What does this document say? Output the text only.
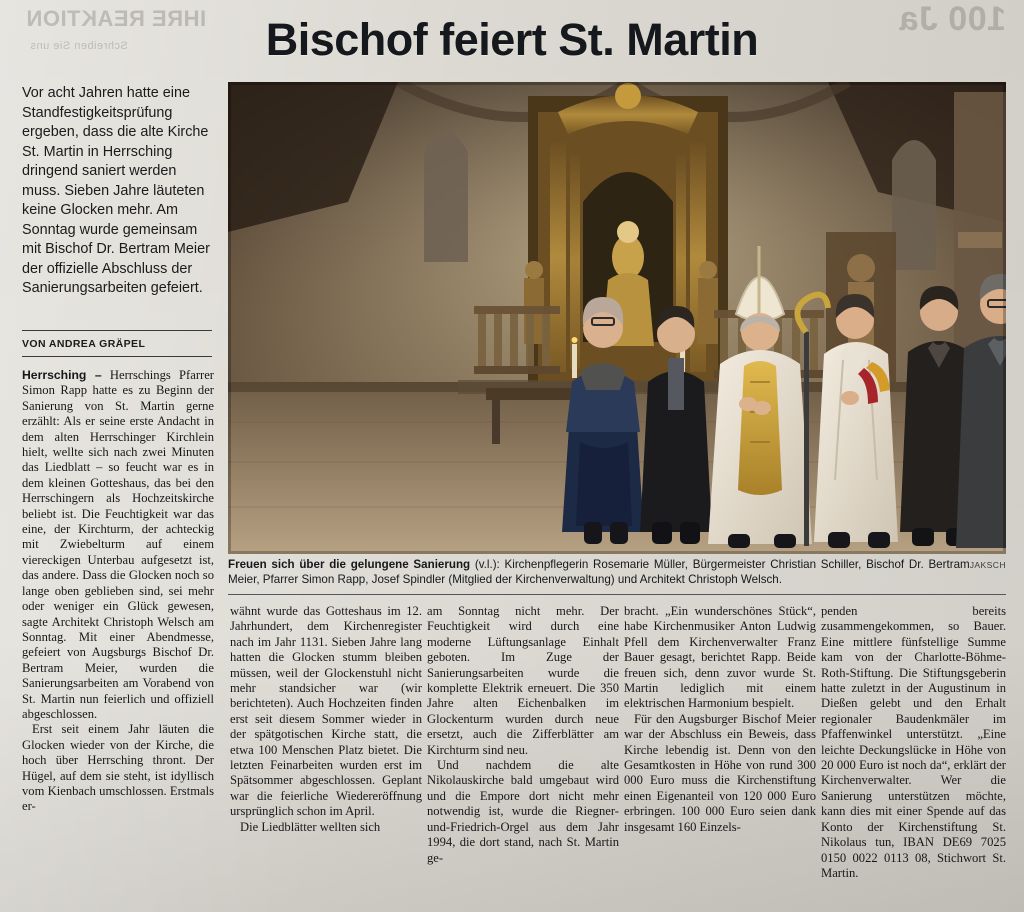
IHRE REAKTION
Schreiben Sie uns
100 Ja
Bischof feiert St. Martin
Vor acht Jahren hatte eine Standfestigkeitsprüfung ergeben, dass die alte Kirche St. Martin in Herrsching dringend saniert werden muss. Sieben Jahre läuteten keine Glocken mehr. Am Sonntag wurde gemeinsam mit Bischof Dr. Bertram Meier der offizielle Abschluss der Sanierungsarbeiten gefeiert.
VON ANDREA GRÄPEL
JAKSCH
Freuen sich über die gelungene Sanierung (v.l.): Kirchenpflegerin Rosemarie Müller, Bürgermeister Christian Schiller, Bischof Dr. Bertram Meier, Pfarrer Simon Rapp, Josef Spindler (Mitglied der Kirchenverwaltung) und Architekt Christoph Welsch.

Herrsching – Herrschings Pfarrer Simon Rapp hatte es zu Beginn der Sanierung von St. Martin gerne erzählt: Als er seine erste Andacht in dem alten Herrschinger Kirchlein hielt, wellte sich nach zwei Minuten das Liedblatt – so feucht war es in dem kleinen Gotteshaus, das bei den Herrschingern als Hochzeitskirche beliebt ist. Die Feuchtigkeit war das eine, der Kirchturm, der achteckig mit Zwiebelturm auf einem viereckigen Unterbau aufgesetzt ist, das andere. Dass die Glocken noch so lange oben geblieben sind, sei mehr oder weniger ein Glück gewesen, sagte Architekt Christoph Welsch am Sonntag. Mit einer Abendmesse, gefeiert von Augsburgs Bischof Dr. Bertram Meier, wurden die Sanierungsarbeiten am Vorabend von St. Martin nun feierlich und offiziell abgeschlossen.

Erst seit einem Jahr läuten die Glocken wieder von der Kirche, die hoch über Herrsching thront. Der Hügel, auf dem sie steht, ist idyllisch vom Kienbach umschlossen. Erstmals er-

wähnt wurde das Gotteshaus im 12. Jahrhundert, dem Kirchenregister nach im Jahr 1131. Sieben Jahre lang hatten die Glocken stumm bleiben müssen, weil der Glockenstuhl nicht mehr standsicher war (wir berichteten). Auch Hochzeiten finden erst seit diesem Sommer wieder in der spätgotischen Kirche statt, die etwa 100 Menschen Platz bietet. Die letzten Feinarbeiten wurden erst im Spätsommer abgeschlossen. Geplant war die feierliche Wiedereröffnung ursprünglich schon im April.

Die Liedblätter wellten sich

am Sonntag nicht mehr. Der Feuchtigkeit wird durch eine moderne Lüftungsanlage Einhalt geboten. Im Zuge der Sanierungsarbeiten wurde die komplette Elektrik erneuert. Die 350 Jahre alten Eichenbalken im Glockenturm wurden durch neue ersetzt, auch die Zifferblätter am Kirchturm sind neu.

Und nachdem die alte Nikolauskirche bald umgebaut wird und die Empore dort nicht mehr notwendig ist, wurde die Riegner-und-Friedrich-Orgel aus dem Jahr 1994, die dort stand, nach St. Martin ge-

bracht. „Ein wunderschönes Stück“, habe Kirchenmusiker Anton Ludwig Pfell dem Kirchenverwalter Franz Bauer gesagt, berichtet Rapp. Beide freuen sich, denn zuvor wurde St. Martin lediglich mit einem elektrischen Harmonium bespielt.

Für den Augsburger Bischof Meier war der Abschluss ein Beweis, dass Kirche lebendig ist. Denn von den Gesamtkosten in Höhe von rund 300 000 Euro muss die Kirchenstiftung einen Eigenanteil von 120 000 Euro erbringen. 100 000 Euro seien dank insgesamt 160 Einzels-

penden bereits zusammengekommen, so Bauer. Eine mittlere fünfstellige Summe kam von der Charlotte-Böhme-Roth-Stiftung. Die Stiftungsgeberin hatte zuletzt in der Augustinum in Dießen gelebt und den Erhalt regionaler Baudenkmäler im Pfaffenwinkel unterstützt. „Eine leichte Deckungslücke in Höhe von 20 000 Euro ist noch da“, erklärt der Kirchenverwalter. Wer die Sanierung unterstützen möchte, kann dies mit einer Spende auf das Konto der Kirchenstiftung St. Nikolaus tun, IBAN DE69 7025 0150 0022 0113 08, Stichwort St. Martin.
